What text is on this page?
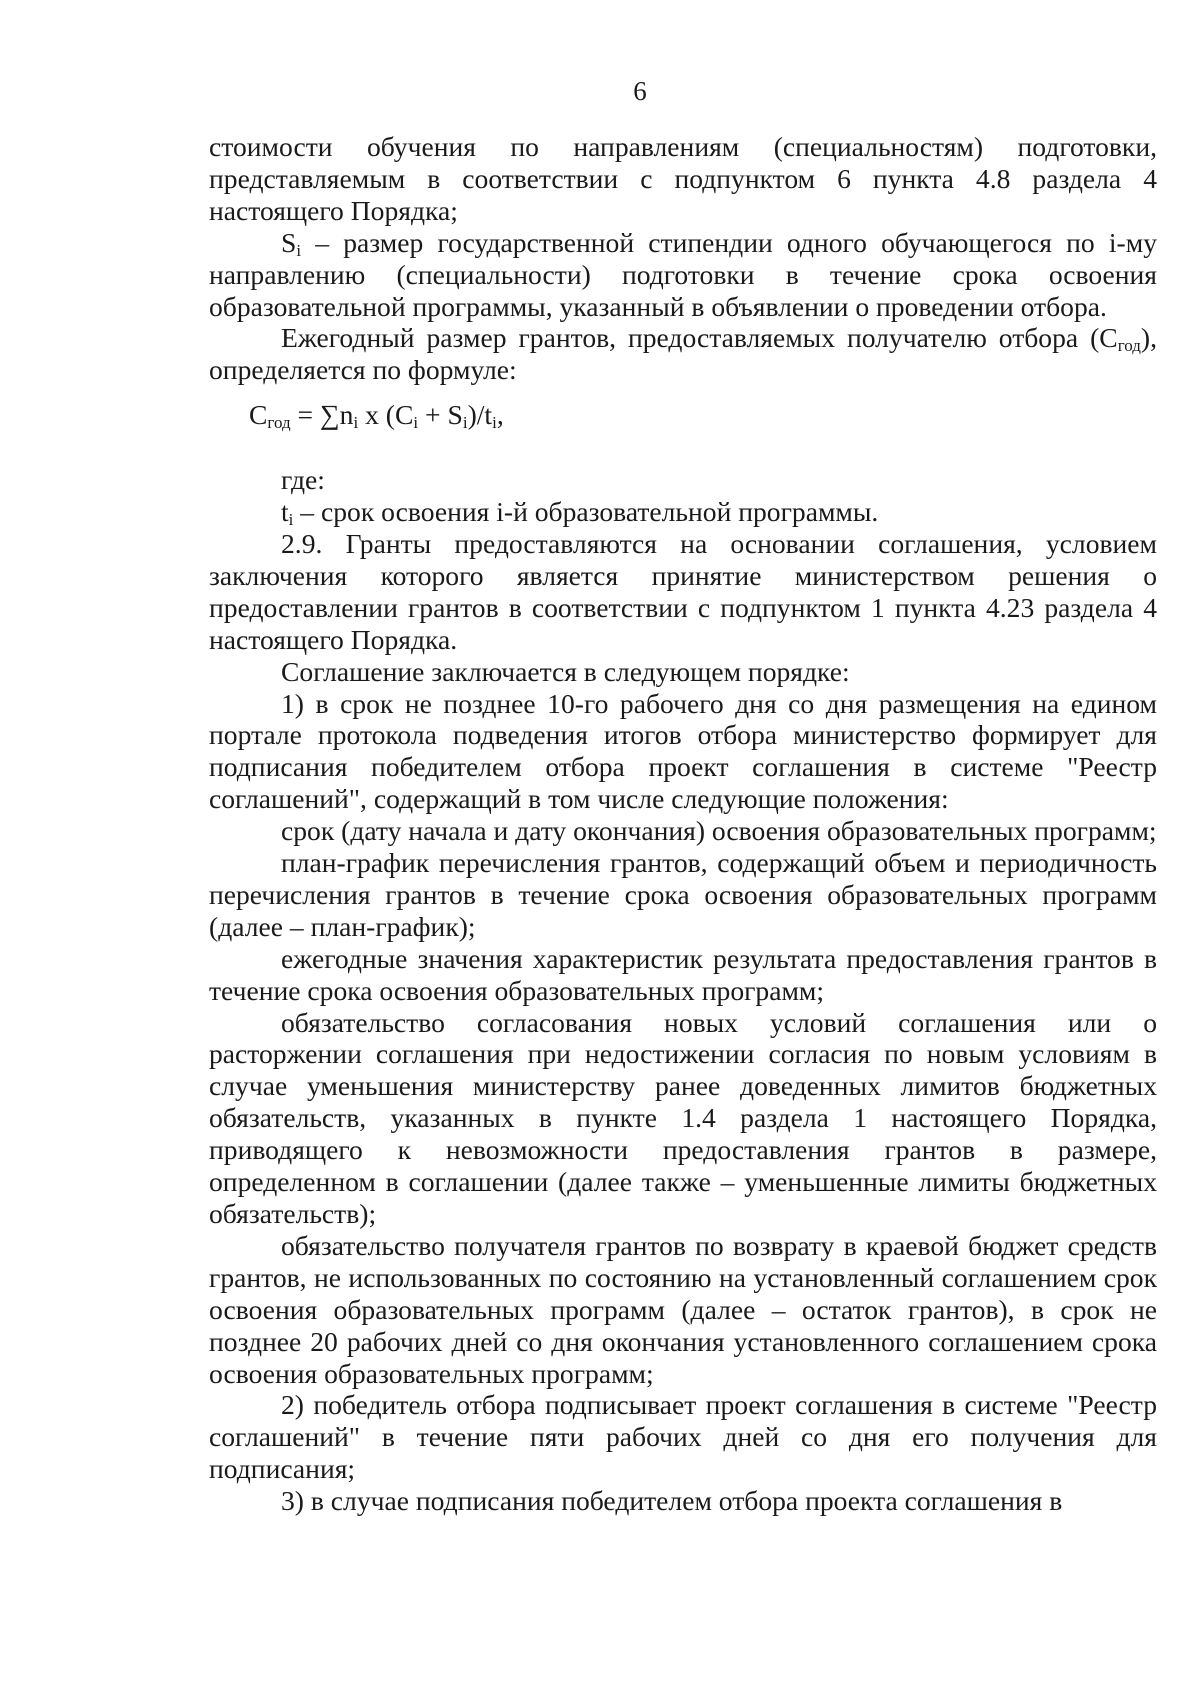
6

стоимости обучения по направлениям (специальностям) подготовки, представляемым в соответствии с подпунктом 6 пункта 4.8 раздела 4 настоящего Порядка;

$S_i$ – размер государственной стипендии одного обучающегося по i-му направлению (специальности) подготовки в течение срока освоения образовательной программы, указанный в объявлении о проведении отбора.

Ежегодный размер грантов, предоставляемых получателю отбора $(С_{год})$, определяется по формуле:

$С_{год} = \sum n_i$ х $(С_i + S_i)/t_i$,

где:

$t_i$ – срок освоения i-й образовательной программы.

2.9. Гранты предоставляются на основании соглашения, условием заключения которого является принятие министерством решения о предоставлении грантов в соответствии с подпунктом 1 пункта 4.23 раздела 4 настоящего Порядка.

Соглашение заключается в следующем порядке:

1) в срок не позднее 10-го рабочего дня со дня размещения на едином портале протокола подведения итогов отбора министерство формирует для подписания победителем отбора проект соглашения в системе "Реестр соглашений", содержащий в том числе следующие положения:

срок (дату начала и дату окончания) освоения образовательных программ;

план-график перечисления грантов, содержащий объем и периодичность перечисления грантов в течение срока освоения образовательных программ (далее – план-график);

ежегодные значения характеристик результата предоставления грантов в течение срока освоения образовательных программ;

обязательство согласования новых условий соглашения или о расторжении соглашения при недостижении согласия по новым условиям в случае уменьшения министерству ранее доведенных лимитов бюджетных обязательств, указанных в пункте 1.4 раздела 1 настоящего Порядка, приводящего к невозможности предоставления грантов в размере, определенном в соглашении (далее также – уменьшенные лимиты бюджетных обязательств);

обязательство получателя грантов по возврату в краевой бюджет средств грантов, не использованных по состоянию на установленный соглашением срок освоения образовательных программ (далее – остаток грантов), в срок не позднее 20 рабочих дней со дня окончания установленного соглашением срока освоения образовательных программ;

2) победитель отбора подписывает проект соглашения в системе "Реестр соглашений" в течение пяти рабочих дней со дня его получения для подписания;

3) в случае подписания победителем отбора проекта соглашения в
